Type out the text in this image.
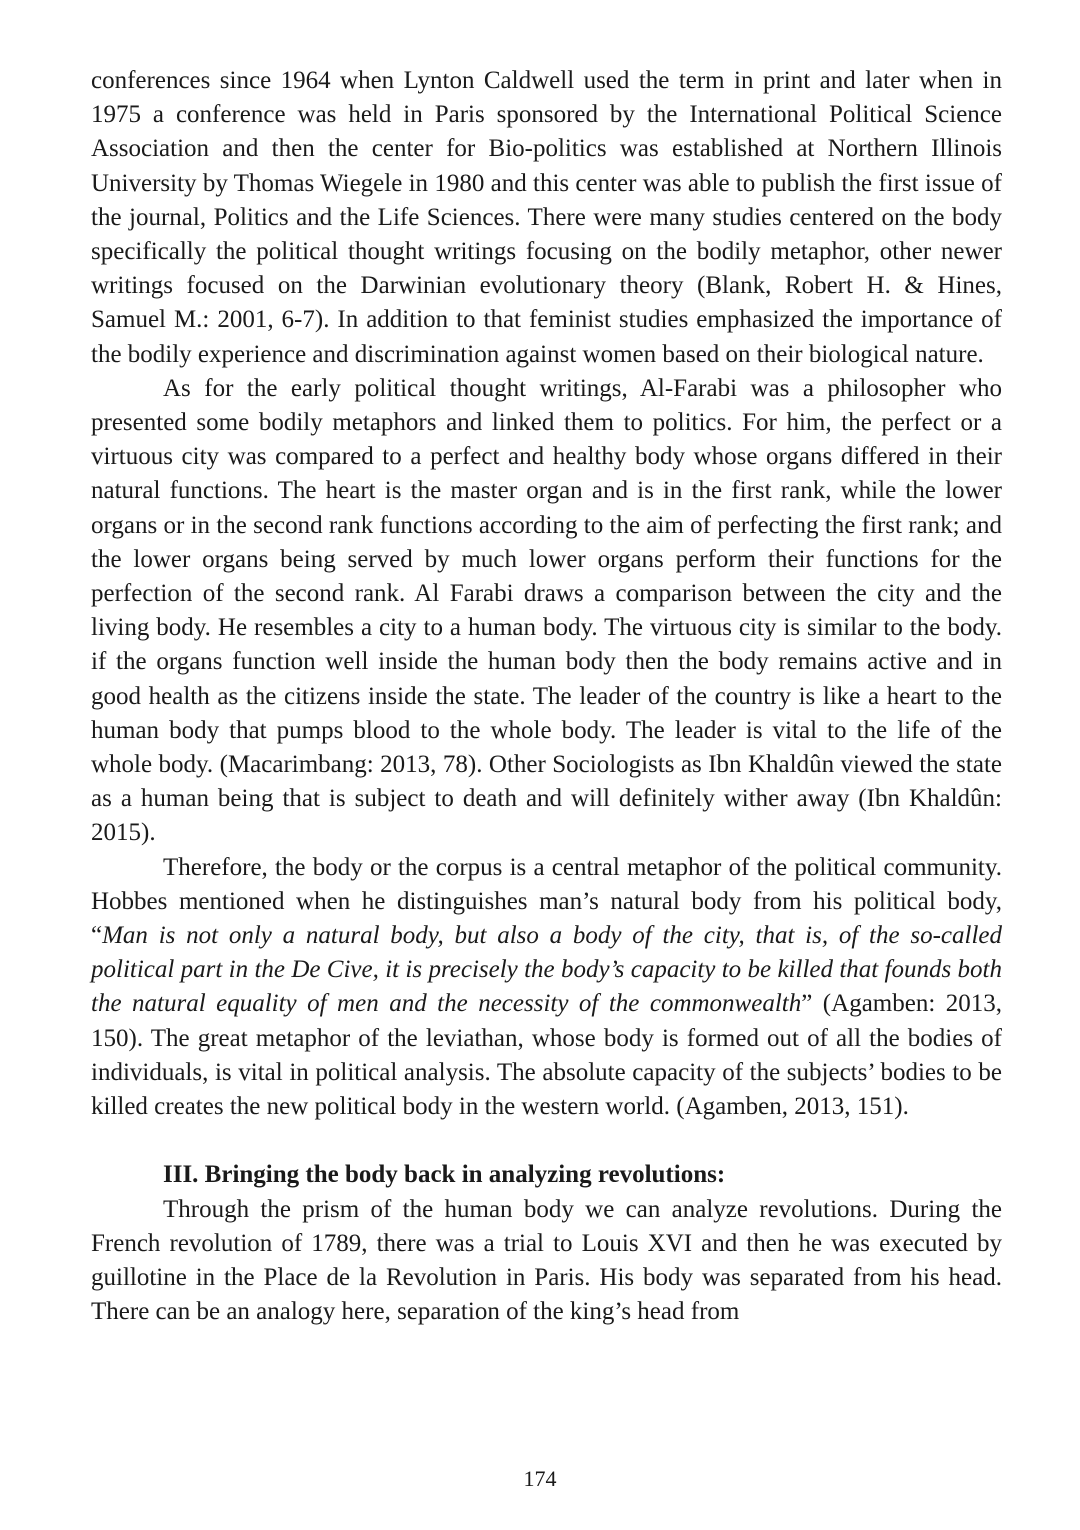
conferences since 1964 when Lynton Caldwell used the term in print and later when in 1975 a conference was held in Paris sponsored by the International Political Science Association and then the center for Bio-politics was established at Northern Illinois University by Thomas Wiegele in 1980 and this center was able to publish the first issue of the journal, Politics and the Life Sciences. There were many studies centered on the body specifically the political thought writings focusing on the bodily metaphor, other newer writings focused on the Darwinian evolutionary theory (Blank, Robert H. & Hines, Samuel M.: 2001, 6-7). In addition to that feminist studies emphasized the importance of the bodily experience and discrimination against women based on their biological nature.

As for the early political thought writings, Al-Farabi was a philosopher who presented some bodily metaphors and linked them to politics. For him, the perfect or a virtuous city was compared to a perfect and healthy body whose organs differed in their natural functions. The heart is the master organ and is in the first rank, while the lower organs or in the second rank functions according to the aim of perfecting the first rank; and the lower organs being served by much lower organs perform their functions for the perfection of the second rank. Al Farabi draws a comparison between the city and the living body. He resembles a city to a human body. The virtuous city is similar to the body. if the organs function well inside the human body then the body remains active and in good health as the citizens inside the state. The leader of the country is like a heart to the human body that pumps blood to the whole body. The leader is vital to the life of the whole body. (Macarimbang: 2013, 78). Other Sociologists as Ibn Khaldûn viewed the state as a human being that is subject to death and will definitely wither away (Ibn Khaldûn: 2015).

Therefore, the body or the corpus is a central metaphor of the political community. Hobbes mentioned when he distinguishes man’s natural body from his political body, “Man is not only a natural body, but also a body of the city, that is, of the so-called political part in the De Cive, it is precisely the body’s capacity to be killed that founds both the natural equality of men and the necessity of the commonwealth” (Agamben: 2013, 150). The great metaphor of the leviathan, whose body is formed out of all the bodies of individuals, is vital in political analysis. The absolute capacity of the subjects’ bodies to be killed creates the new political body in the western world. (Agamben, 2013, 151).

III. Bringing the body back in analyzing revolutions:

Through the prism of the human body we can analyze revolutions. During the French revolution of 1789, there was a trial to Louis XVI and then he was executed by guillotine in the Place de la Revolution in Paris. His body was separated from his head. There can be an analogy here, separation of the king’s head from

174
